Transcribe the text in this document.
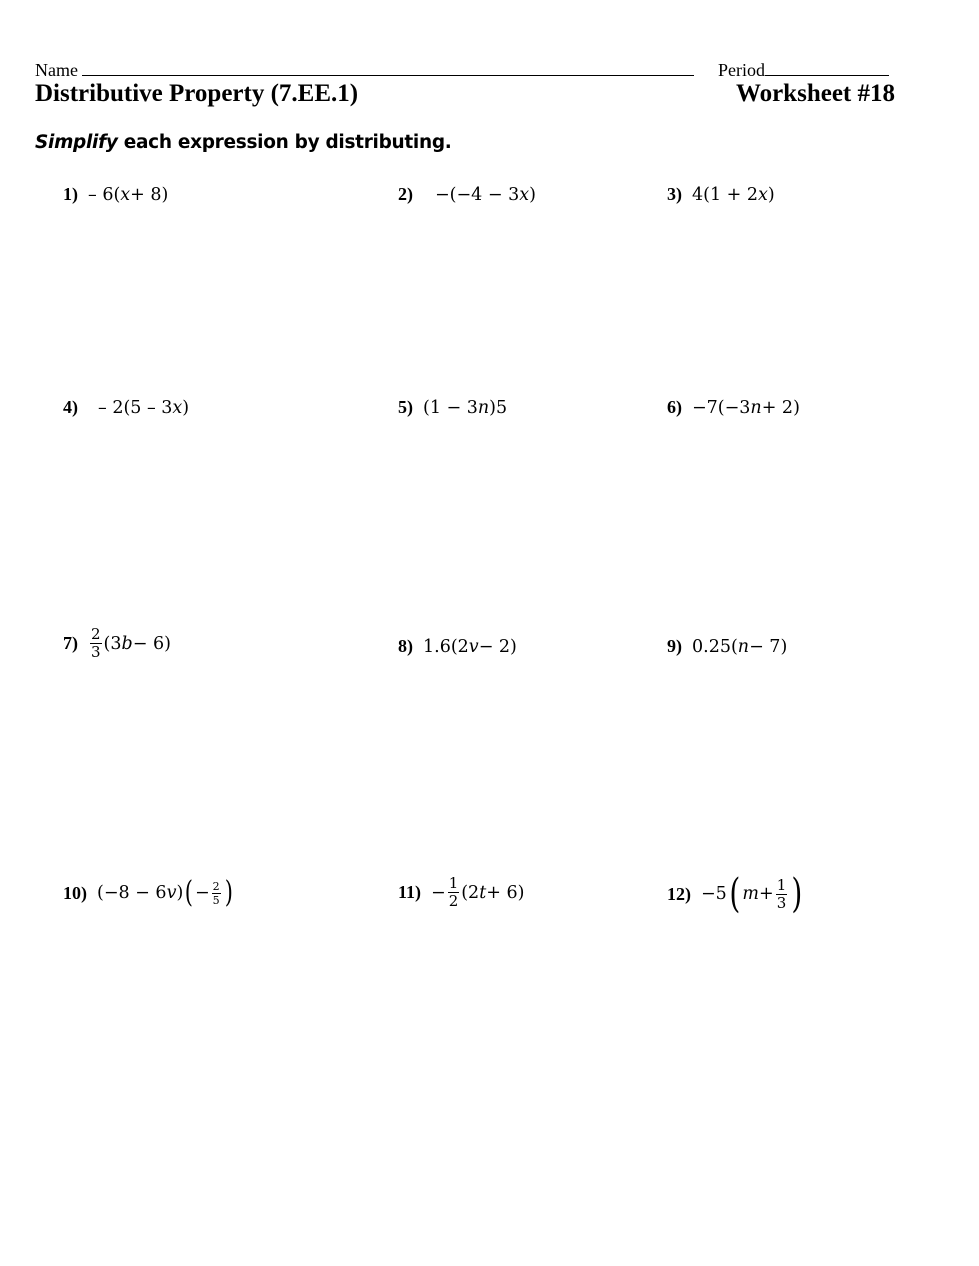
Name	Period
Distributive Property (7.EE.1)	Worksheet #18
Simplify each expression by distributing.
1) – 6( x + 8)	2) −(−4 − 3 x )	3) 4(1 + 2 x )
4) – 2(5 – 3 x )	5) (1 − 3 n )5	6) −7(−3 n + 2)
$7) \frac{2}{3} (3$ b − 6)	8) 1.6(2 v − 2)	9) 0.25( n − 7)
10) (−8 − 6 v ) ( − $\frac{2}{5}$ )	$11) - \frac{1}{2} (2$ t + 6)	12) −5 ( $m + \frac{1}{3}$ )
